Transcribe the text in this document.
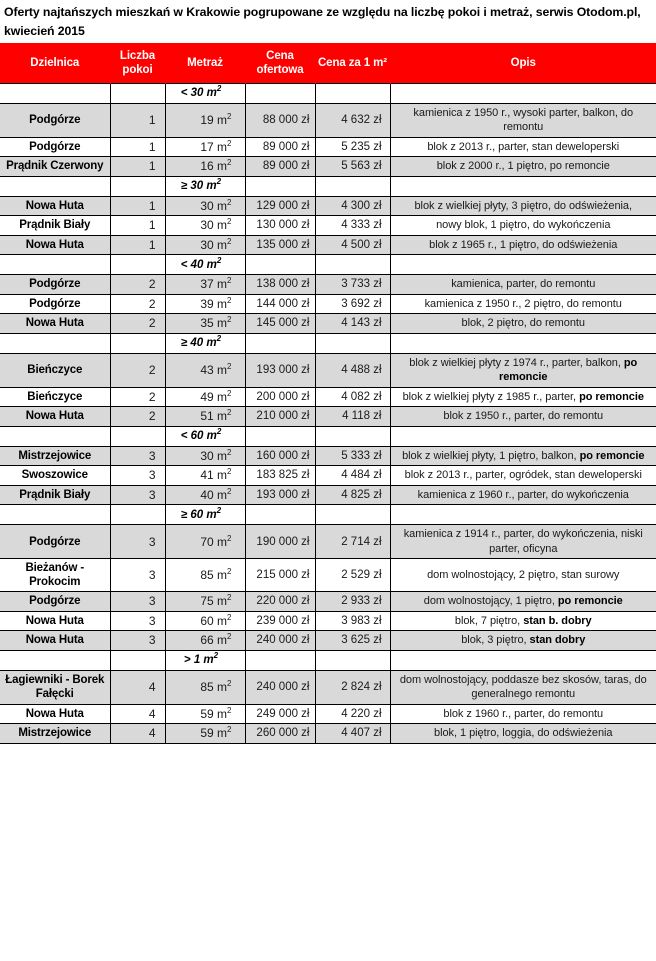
Oferty najtańszych mieszkań w Krakowie pogrupowane ze względu na liczbę pokoi i metraż, serwis Otodom.pl, kwiecień 2015
Dzielnica	Liczba pokoi	Metraż	Cena ofertowa	Cena za 1 m²	Opis
		< 30 $m^2$			
Podgórze	1	19 $m^2$	88 000 zł	4 632 zł	kamienica z 1950 r., wysoki parter, balkon, do remontu
Podgórze	1	17 $m^2$	89 000 zł	5 235 zł	blok z 2013 r., parter, stan deweloperski
Prądnik Czerwony	1	16 $m^2$	89 000 zł	5 563 zł	blok z 2000 r., 1 piętro, po remoncie
		≥ 30 $m^2$			
Nowa Huta	1	30 $m^2$	129 000 zł	4 300 zł	blok z wielkiej płyty, 3 piętro, do odświeżenia,
Prądnik Biały	1	30 $m^2$	130 000 zł	4 333 zł	nowy blok, 1 piętro, do wykończenia
Nowa Huta	1	30 $m^2$	135 000 zł	4 500 zł	blok z 1965 r., 1 piętro, do odświeżenia
		< 40 $m^2$			
Podgórze	2	37 $m^2$	138 000 zł	3 733 zł	kamienica, parter, do remontu
Podgórze	2	39 $m^2$	144 000 zł	3 692 zł	kamienica z 1950 r., 2 piętro, do remontu
Nowa Huta	2	35 $m^2$	145 000 zł	4 143 zł	blok, 2 piętro, do remontu
		≥ 40 $m^2$			
Bieńczyce	2	43 $m^2$	193 000 zł	4 488 zł	blok z wielkiej płyty z 1974 r., parter, balkon, po remoncie
Bieńczyce	2	49 $m^2$	200 000 zł	4 082 zł	blok z wielkiej płyty z 1985 r., parter, po remoncie
Nowa Huta	2	51 $m^2$	210 000 zł	4 118 zł	blok z 1950 r., parter, do remontu
		< 60 $m^2$			
Mistrzejowice	3	30 $m^2$	160 000 zł	5 333 zł	blok z wielkiej płyty, 1 piętro, balkon, po remoncie
Swoszowice	3	41 $m^2$	183 825 zł	4 484 zł	blok z 2013 r., parter, ogródek, stan deweloperski
Prądnik Biały	3	40 $m^2$	193 000 zł	4 825 zł	kamienica z 1960 r., parter, do wykończenia
		≥ 60 $m^2$			
Podgórze	3	70 $m^2$	190 000 zł	2 714 zł	kamienica z 1914 r., parter, do wykończenia, niski parter, oficyna
Bieżanów - Prokocim	3	85 $m^2$	215 000 zł	2 529 zł	dom wolnostojący, 2 piętro, stan surowy
Podgórze	3	75 $m^2$	220 000 zł	2 933 zł	dom wolnostojący, 1 piętro, po remoncie
Nowa Huta	3	60 $m^2$	239 000 zł	3 983 zł	blok, 7 piętro, stan b. dobry
Nowa Huta	3	66 $m^2$	240 000 zł	3 625 zł	blok, 3 piętro, stan dobry
		> 1 $m^2$			
Łagiewniki - Borek Fałęcki	4	85 $m^2$	240 000 zł	2 824 zł	dom wolnostojący, poddasze bez skosów, taras, do generalnego remontu
Nowa Huta	4	59 $m^2$	249 000 zł	4 220 zł	blok z 1960 r., parter, do remontu
Mistrzejowice	4	59 $m^2$	260 000 zł	4 407 zł	blok, 1 piętro, loggia, do odświeżenia
